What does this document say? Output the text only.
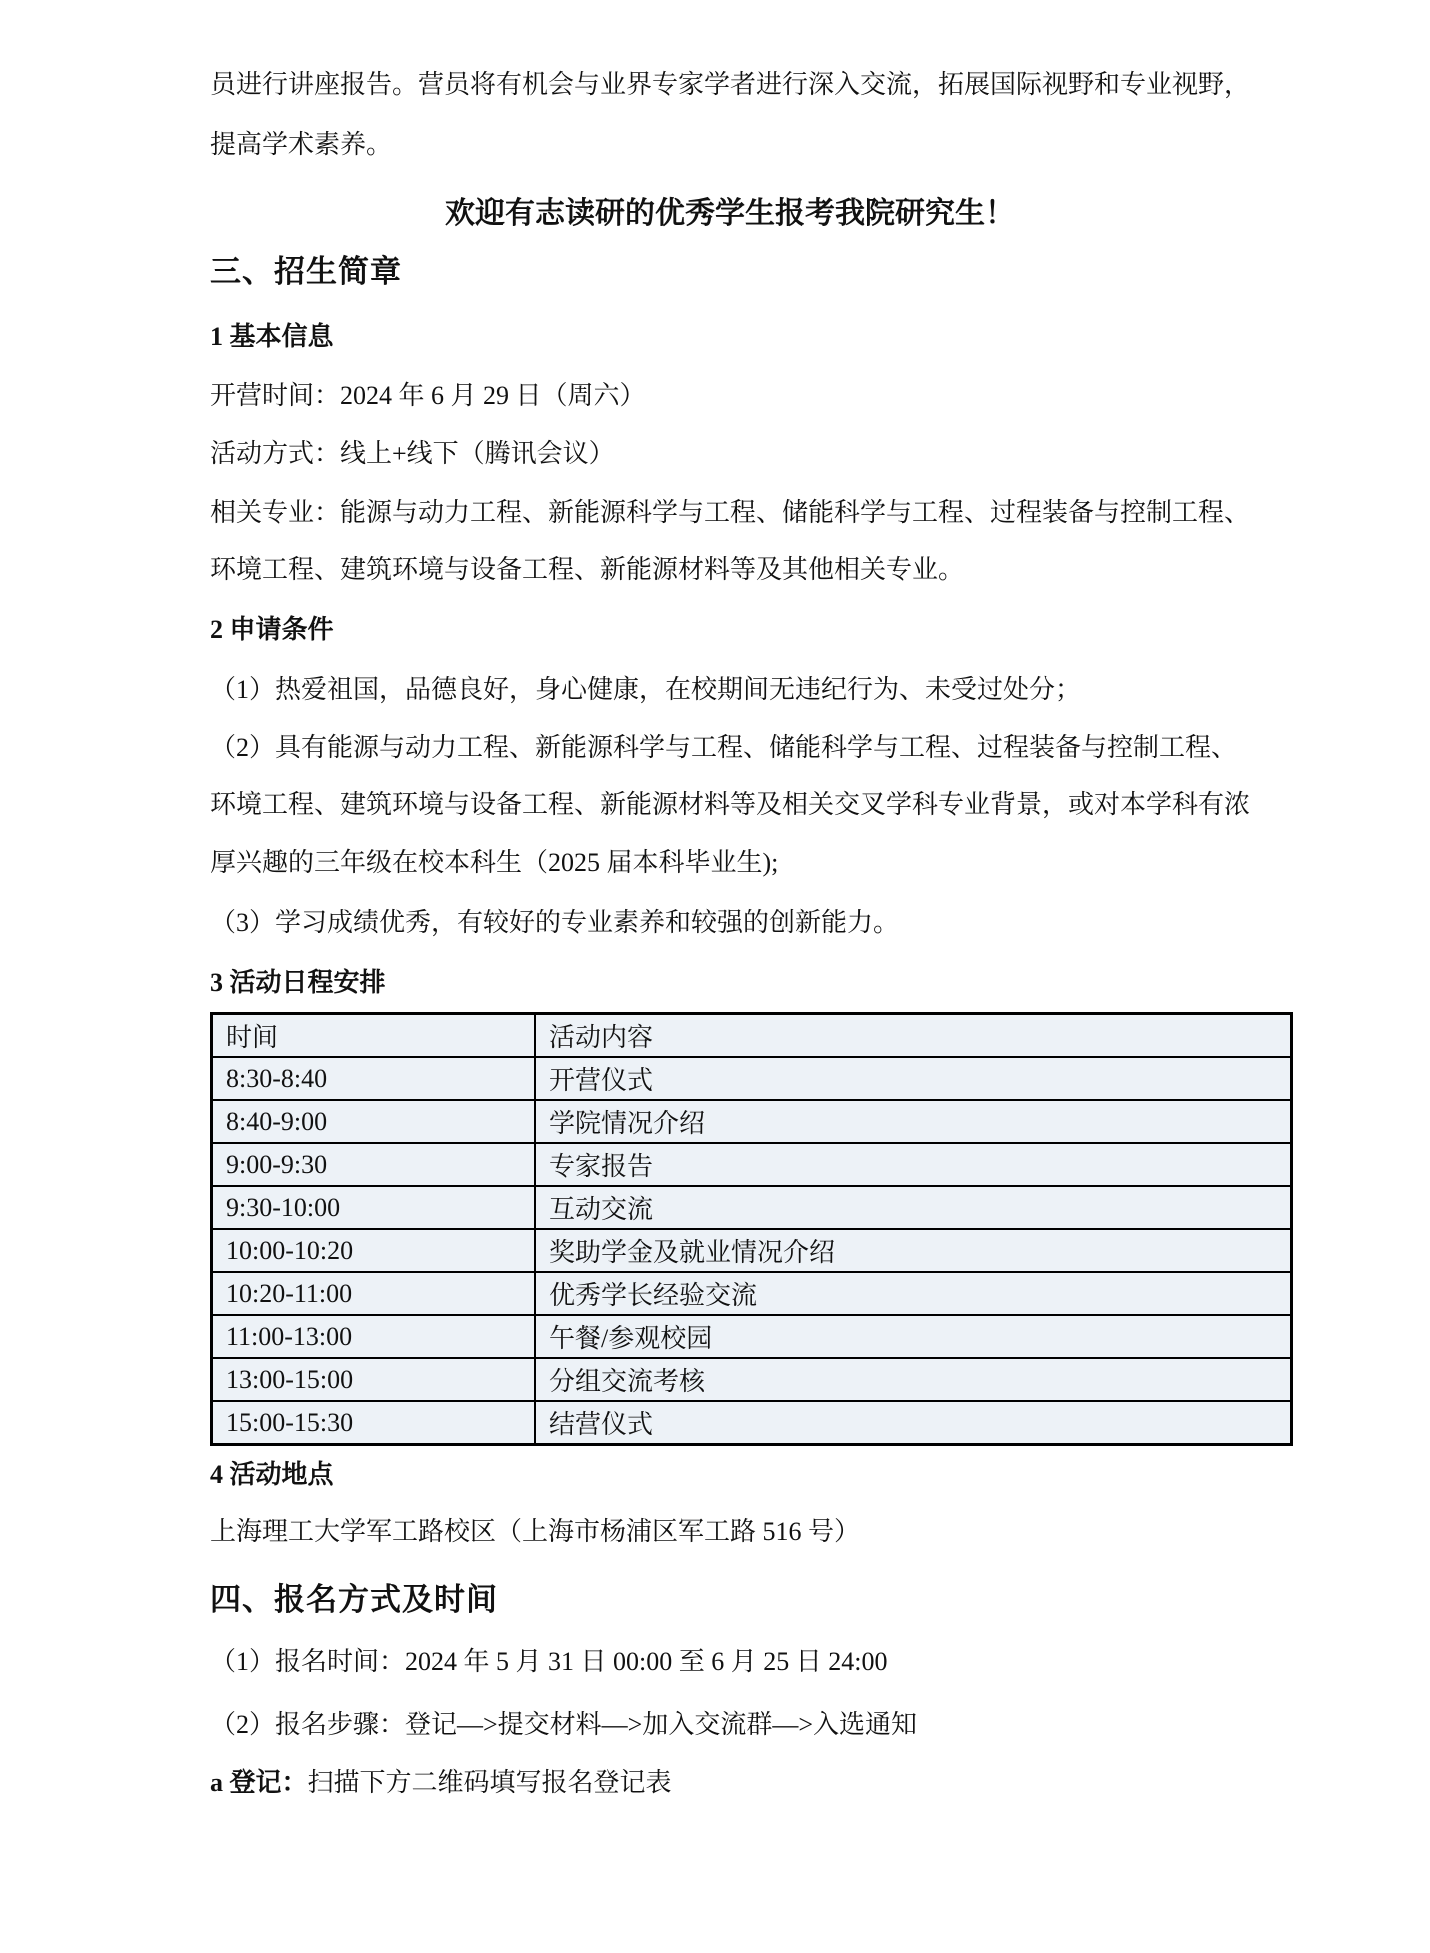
员进行讲座报告。营员将有机会与业界专家学者进行深入交流，拓展国际视野和专业视野，
提高学术素养。
欢迎有志读研的优秀学生报考我院研究生！
三、招生简章
1 基本信息
开营时间：2024 年 6 月 29 日（周六）
活动方式：线上+线下（腾讯会议）
相关专业：能源与动力工程、新能源科学与工程、储能科学与工程、过程装备与控制工程、
环境工程、建筑环境与设备工程、新能源材料等及其他相关专业。
2 申请条件
（1）热爱祖国，品德良好，身心健康，在校期间无违纪行为、未受过处分；
（2）具有能源与动力工程、新能源科学与工程、储能科学与工程、过程装备与控制工程、
环境工程、建筑环境与设备工程、新能源材料等及相关交叉学科专业背景，或对本学科有浓
厚兴趣的三年级在校本科生（2025 届本科毕业生);
（3）学习成绩优秀，有较好的专业素养和较强的创新能力。
3 活动日程安排
时间	活动内容
8:30-8:40	开营仪式
8:40-9:00	学院情况介绍
9:00-9:30	专家报告
9:30-10:00	互动交流
10:00-10:20	奖助学金及就业情况介绍
10:20-11:00	优秀学长经验交流
11:00-13:00	午餐/参观校园
13:00-15:00	分组交流考核
15:00-15:30	结营仪式
4 活动地点
上海理工大学军工路校区（上海市杨浦区军工路 516 号）
四、报名方式及时间
（1）报名时间：2024 年 5 月 31 日 00:00 至 6 月 25 日 24:00
（2）报名步骤：登记—>提交材料—>加入交流群—>入选通知
a 登记：扫描下方二维码填写报名登记表
